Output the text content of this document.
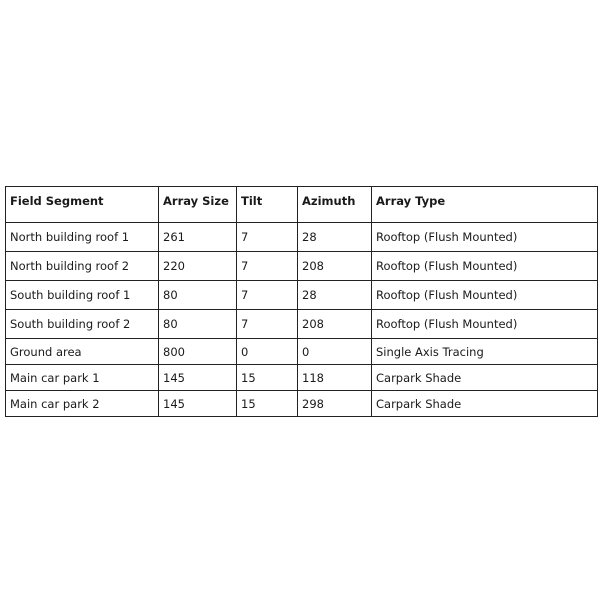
Field Segment	Array Size	Tilt	Azimuth	Array Type
North building roof 1	261	7	28	Rooftop (Flush Mounted)
North building roof 2	220	7	208	Rooftop (Flush Mounted)
South building roof 1	80	7	28	Rooftop (Flush Mounted)
South building roof 2	80	7	208	Rooftop (Flush Mounted)
Ground area	800	0	0	Single Axis Tracing
Main car park 1	145	15	118	Carpark Shade
Main car park 2	145	15	298	Carpark Shade
